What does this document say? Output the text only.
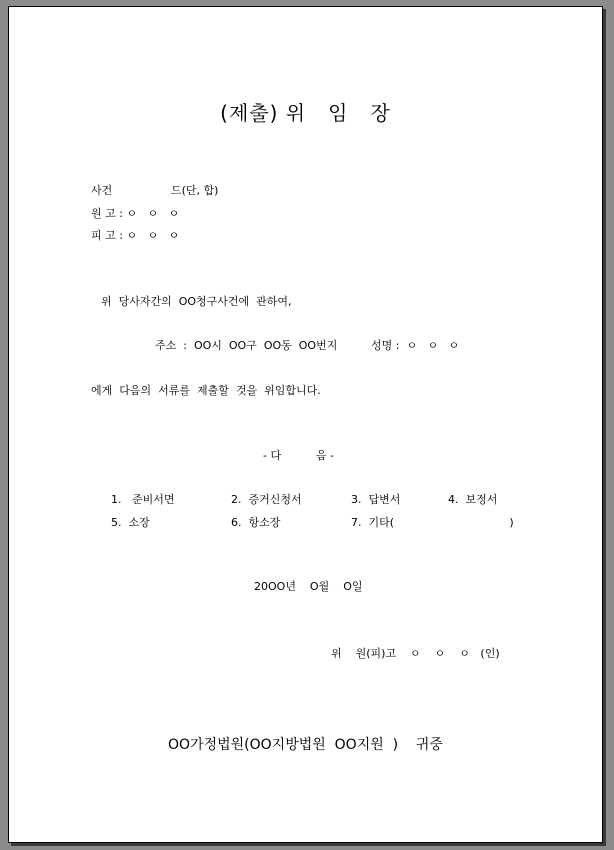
(제출) 위   임   장
사건	드(단, 합)
원 고 : ㅇ   ㅇ   ㅇ
피 고 : ㅇ   ㅇ   ㅇ
위  당사자간의  OO청구사건에  관하여,
주소  :  OO시  OO구  OO동  OO번지	성명 :  ㅇ   ㅇ   ㅇ
에게  다음의  서류를  제출할  것을  위임합니다.
- 다          음 -
1.   준비서면	2.  증거신청서	3.  답변서	4.  보정서
5.  소장	6.  항소장	7.  기타(                                 )
20OO년    O월    O일
위    원(피)고    ㅇ    ㅇ    ㅇ   (인)
OO가정법원(OO지방법원  OO지원  )    귀중
